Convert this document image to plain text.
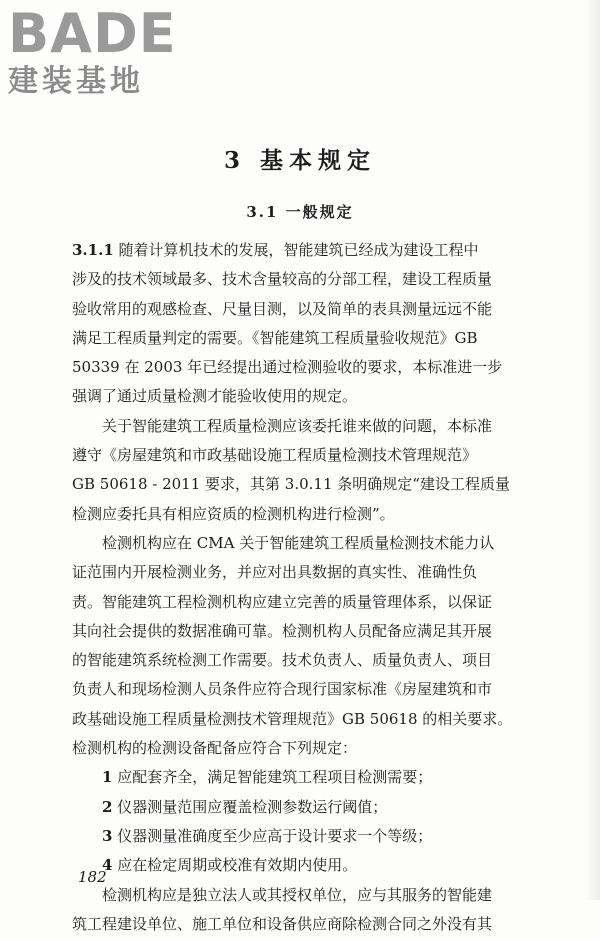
BADE
建装基地
3 基本规定
3.1 一般规定
3.1.1 随着计算机技术的发展，智能建筑已经成为建设工程中
涉及的技术领域最多、技术含量较高的分部工程，建设工程质量
验收常用的观感检查、尺量目测，以及简单的表具测量远远不能
满足工程质量判定的需要。《智能建筑工程质量验收规范》GB
50339 在 2003 年已经提出通过检测验收的要求，本标准进一步
强调了通过质量检测才能验收使用的规定。
关于智能建筑工程质量检测应该委托谁来做的问题，本标准
遵守《房屋建筑和市政基础设施工程质量检测技术管理规范》
GB 50618 - 2011 要求，其第 3.0.11 条明确规定“建设工程质量
检测应委托具有相应资质的检测机构进行检测”。
检测机构应在 CMA 关于智能建筑工程质量检测技术能力认
证范围内开展检测业务，并应对出具数据的真实性、准确性负
责。智能建筑工程检测机构应建立完善的质量管理体系，以保证
其向社会提供的数据准确可靠。检测机构人员配备应满足其开展
的智能建筑系统检测工作需要。技术负责人、质量负责人、项目
负责人和现场检测人员条件应符合现行国家标准《房屋建筑和市
政基础设施工程质量检测技术管理规范》GB 50618 的相关要求。
检测机构的检测设备配备应符合下列规定：
1 应配套齐全，满足智能建筑工程项目检测需要；
2 仪器测量范围应覆盖检测参数运行阈值；
3 仪器测量准确度至少应高于设计要求一个等级；
4 应在检定周期或校准有效期内使用。
检测机构应是独立法人或其授权单位，应与其服务的智能建
筑工程建设单位、施工单位和设备供应商除检测合同之外没有其
182
